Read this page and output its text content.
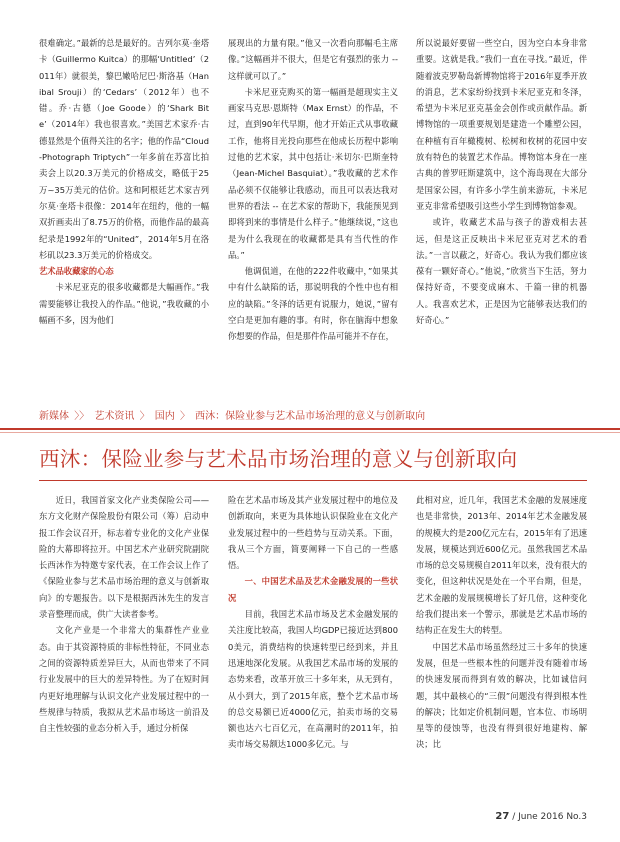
很难确定。”最新的总是最好的。吉列尔莫·奎塔卡（Guillermo Kuitca）的那幅‘Untitled’（2011年）就很美，黎巴嫩哈尼巴·斯洛基（Hanibal Srouji）的‘Cedars’（2012年）也不错。乔·古德（Joe Goode）的‘Shark Bite’（2014年）我也很喜欢。”美国艺术家乔·古德显然是个值得关注的名字；他的作品“Cloud-Photograph Triptych”一年多前在苏富比拍卖会上以20.3万美元的价格成交，略低于25万~35万美元的估价。这和阿根廷艺术家吉列尔莫·奎塔卡很像：2014年在纽约，他的一幅双折画卖出了8.75万的价格，而他作品的最高纪录是1992年的“United”，2014年5月在洛杉矶以23.3万美元的价格成交。

艺术品收藏家的心态

卡米尼亚克的很多收藏都是大幅画作。”我需要能够让我投入的作品。”他说，”我收藏的小幅画不多，因为他们

展现出的力量有限。”他又一次看向那幅毛主席像。”这幅画并不很大，但是它有强烈的张力 -- 这样就可以了。”

卡米尼亚克购买的第一幅画是超现实主义画家马克思·恩斯特（Max Ernst）的作品，不过，直到90年代早期，他才开始正式从事收藏工作，他将目光投向那些在他成长历程中影响过他的艺术家，其中包括让·米切尔·巴斯奎特（Jean-Michel Basquiat）。”我收藏的艺术作品必须不仅能够让我感动，而且可以表达我对世界的看法 -- 在艺术家的帮助下，我能预见到即将到来的事情是什么样子。”他继续说，”这也是为什么我现在的收藏都是具有当代性的作品。”

他调侃道，在他的222件收藏中，”如果其中有什么缺陷的话，那说明我的个性中也有相应的缺陷。”冬泽的话更有说服力，她说，”留有空白是更加有趣的事。有时，你在脑海中想象你想要的作品，但是那件作品可能并不存在，

所以说最好要留一些空白，因为空白本身非常重要。这就是我。”我们一直在寻找。”最近，伴随着波克罗勒岛新博物馆将于2016年夏季开放的消息，艺术家纷纷找到卡米尼亚克和冬泽，希望为卡米尼亚克基金会创作或贡献作品。新博物馆的一项重要规划是建造一个雕塑公园，在种植有百年橄榄树、松树和枚树的花园中安放有特色的装置艺术作品。博物馆本身在一座古典的普罗旺斯建筑中，这个海岛现在大部分是国家公园，有许多小学生前来游玩，卡米尼亚克非常希望吸引这些小学生到博物馆参观。

或许，收藏艺术品与孩子的游戏相去甚远，但是这正反映出卡米尼亚克对艺术的看法。”一言以蔽之，好奇心。我认为我们都应该葆有一颗好奇心。”他说，”欣赏当下生活，努力保持好奇，不要变成麻木、千篇一律的机器人。我喜欢艺术，正是因为它能够表达我们的好奇心。”

新媒体 〉〉 艺术资讯 〉 国内 〉 西沐：保险业参与艺术品市场治理的意义与创新取向
西沐：保险业参与艺术品市场治理的意义与创新取向

近日，我国首家文化产业类保险公司——东方文化财产保险股份有限公司（筹）启动申报工作会议召开，标志着专业化的文化产业保险的大幕即将拉开。中国艺术产业研究院副院长西沐作为特邀专家代表，在工作会议上作了《保险业参与艺术品市场治理的意义与创新取向》的专题报告。以下是根据西沐先生的发言录音整理而成，供广大读者参考。

文化产业是一个非常大的集群性产业业态。由于其资源特质的非标性特征，不同业态之间的资源特质差异巨大，从而也带来了不同行业发展中的巨大的差异特性。为了在短时间内更好地理解与认识文化产业发展过程中的一些规律与特质，我拟从艺术品市场这一前沿及自主性较强的业态分析入手，通过分析保

险在艺术品市场及其产业发展过程中的地位及创新取向，来更为具体地认识保险业在文化产业发展过程中的一些趋势与互动关系。下面，我从三个方面，简要阐释一下自己的一些感悟。

一、中国艺术品及艺术金融发展的一些状况

目前，我国艺术品市场及艺术金融发展的关注度比较高，我国人均GDP已接近达到8000美元，消费结构的快速转型已经到来，并且迅速地深化发展。从我国艺术品市场的发展的态势来看，改革开放三十多年来，从无到有，从小到大，到了2015年底，整个艺术品市场的总交易额已近4000亿元，拍卖市场的交易额也达六七百亿元，在高潮时的2011年，拍卖市场交易额达1000多亿元。与

此相对应，近几年，我国艺术金融的发展速度也是非常快，2013年、2014年艺术金融发展的规模大约是200亿元左右，2015年有了迅速发展，规模达到近600亿元。虽然我国艺术品市场的总交易规模自2011年以来，没有很大的变化，但这种状况是处在一个平台期，但是，艺术金融的发展规模增长了好几倍，这种变化给我们提出来一个警示，那就是艺术品市场的结构正在发生大的转型。

中国艺术品市场虽然经过三十多年的快速发展，但是一些根本性的问题并没有随着市场的快速发展而得到有效的解决，比如诚信问题，其中最核心的“三假”问题没有得到根本性的解决；比如定价机制问题，官本位、市场明星等的侵蚀等，也没有得到很好地建构、解决；比

27 / June 2016 No.3
